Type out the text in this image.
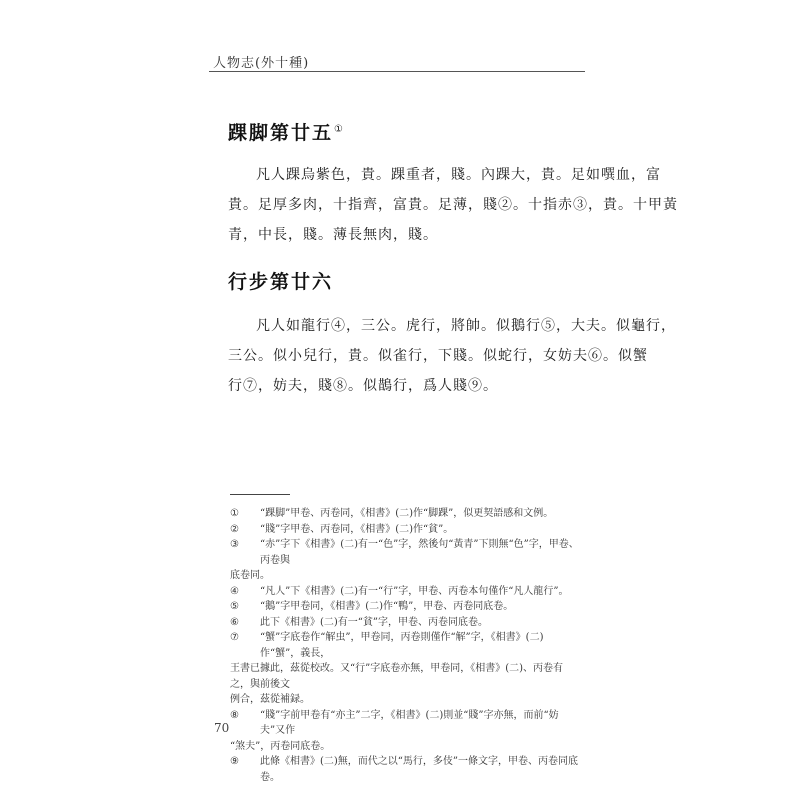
人物志(外十種)
踝脚第廿五①
凡人踝烏紫色，貴。踝重者，賤。內踝大，貴。足如噀血，富
貴。足厚多肉，十指齊，富貴。足薄，賤②。十指赤③，貴。十甲黃
青，中長，賤。薄長無肉，賤。
行步第廿六
凡人如龍行④，三公。虎行，將帥。似鵝行⑤，大夫。似龜行，
三公。似小兒行，貴。似雀行，下賤。似蛇行，女妨夫⑥。似蟹
行⑦，妨夫，賤⑧。似鵲行，爲人賤⑨。
① “踝脚”甲卷、丙卷同，《相書》(二)作“脚踝”，似更契語感和文例。
② “賤”字甲卷、丙卷同，《相書》(二)作“貧”。
③ “赤”字下《相書》(二)有一“色”字，然後句“黃青”下則無“色”字，甲卷、丙卷與
底卷同。
④ “凡人”下《相書》(二)有一“行”字，甲卷、丙卷本句僅作“凡人龍行”。
⑤ “鵝”字甲卷同，《相書》(二)作“鴨”，甲卷、丙卷同底卷。
⑥ 此下《相書》(二)有一“貧”字，甲卷、丙卷同底卷。
⑦ “蟹”字底卷作“解虫”，甲卷同，丙卷則僅作“解”字，《相書》(二)作“蟹”，義長，
王書已據此，茲從校改。又“行”字底卷亦無，甲卷同，《相書》(二)、丙卷有之，與前後文
例合，茲從補録。
⑧ “賤”字前甲卷有“亦主”二字，《相書》(二)則並“賤”字亦無，而前“妨夫”又作
“煞夫”，丙卷同底卷。
⑨ 此條《相書》(二)無，而代之以“馬行，多伎”一條文字，甲卷、丙卷同底卷。
70
